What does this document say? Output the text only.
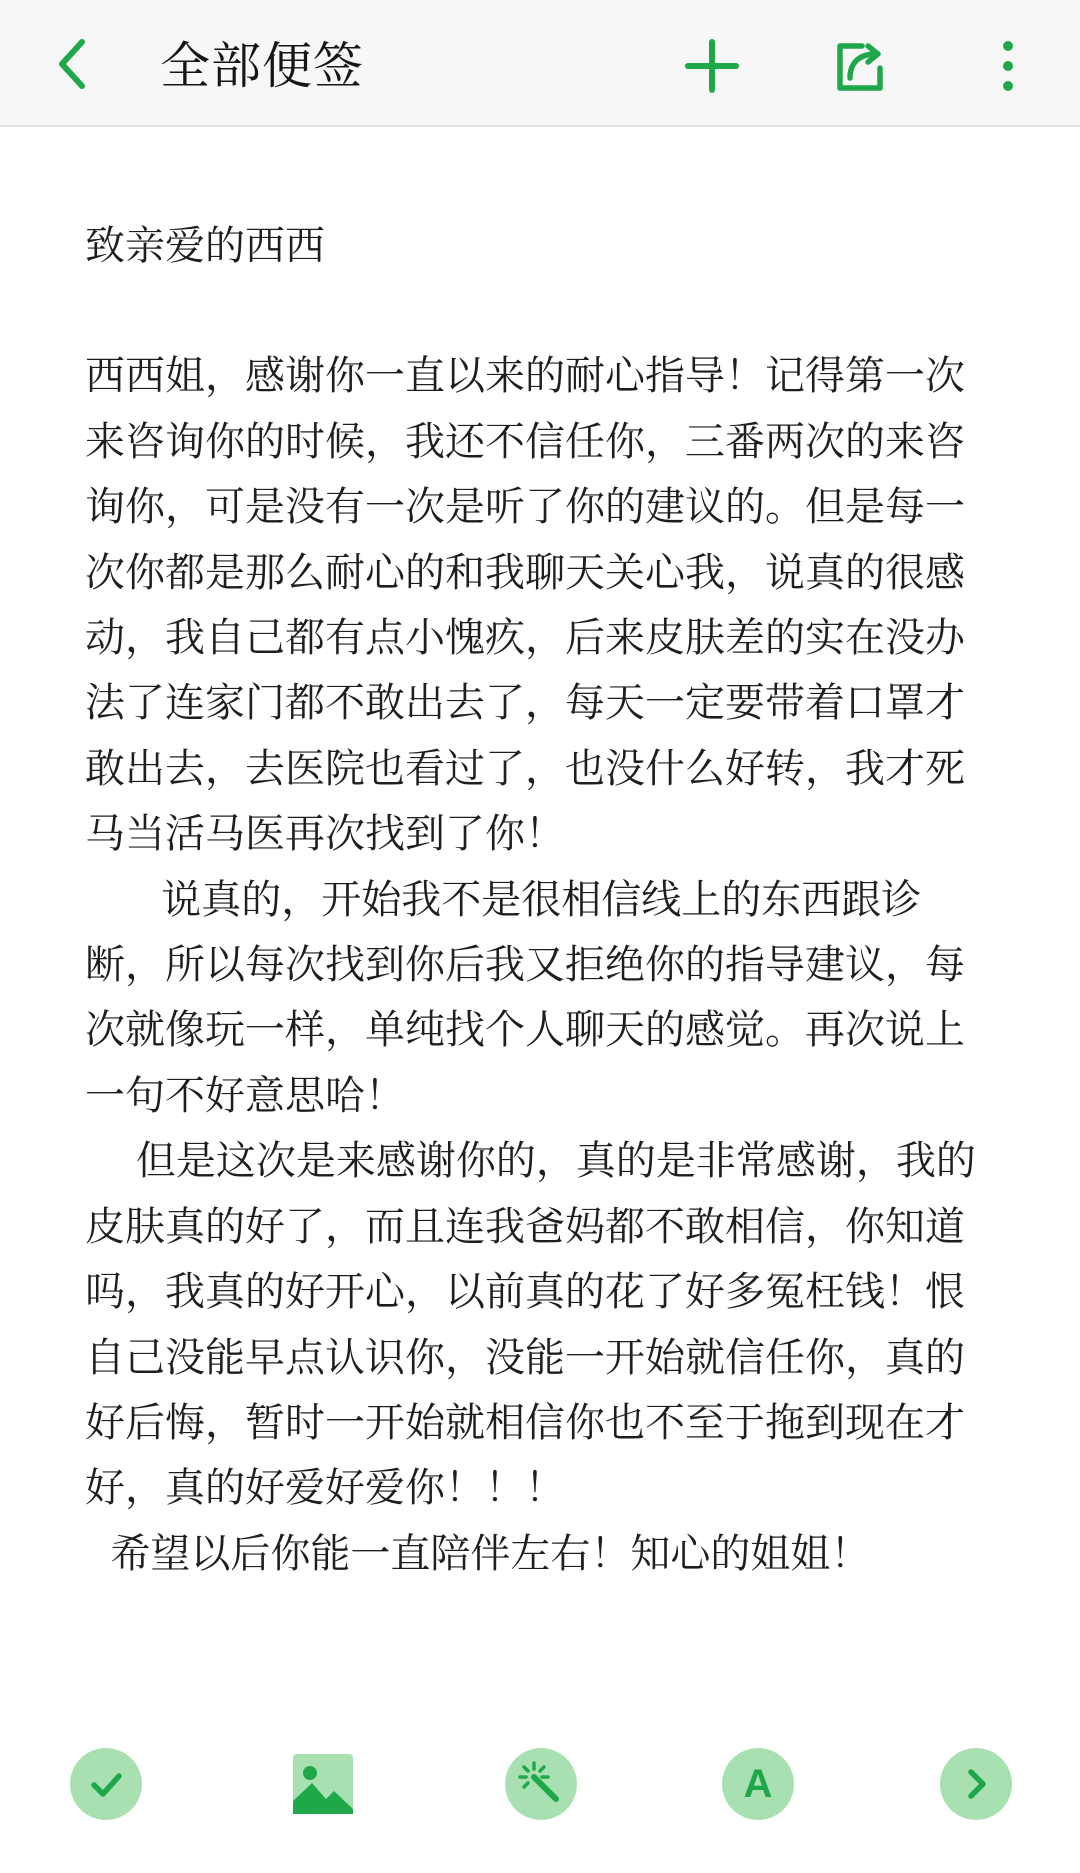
全部便签

致亲爱的西西

西西姐，感谢你一直以来的耐心指导！记得第一次来咨询你的时候，我还不信任你，三番两次的来咨询你，可是没有一次是听了你的建议的。但是每一次你都是那么耐心的和我聊天关心我，说真的很感动，我自己都有点小愧疚，后来皮肤差的实在没办法了连家门都不敢出去了，每天一定要带着口罩才敢出去，去医院也看过了，也没什么好转，我才死马当活马医再次找到了你！

说真的，开始我不是很相信线上的东西跟诊断，所以每次找到你后我又拒绝你的指导建议，每次就像玩一样，单纯找个人聊天的感觉。再次说上一句不好意思哈！

但是这次是来感谢你的，真的是非常感谢，我的皮肤真的好了，而且连我爸妈都不敢相信，你知道吗，我真的好开心，以前真的花了好多冤枉钱！恨自己没能早点认识你，没能一开始就信任你，真的好后悔，暂时一开始就相信你也不至于拖到现在才好，真的好爱好爱你！！！

希望以后你能一直陪伴左右！知心的姐姐！

A
